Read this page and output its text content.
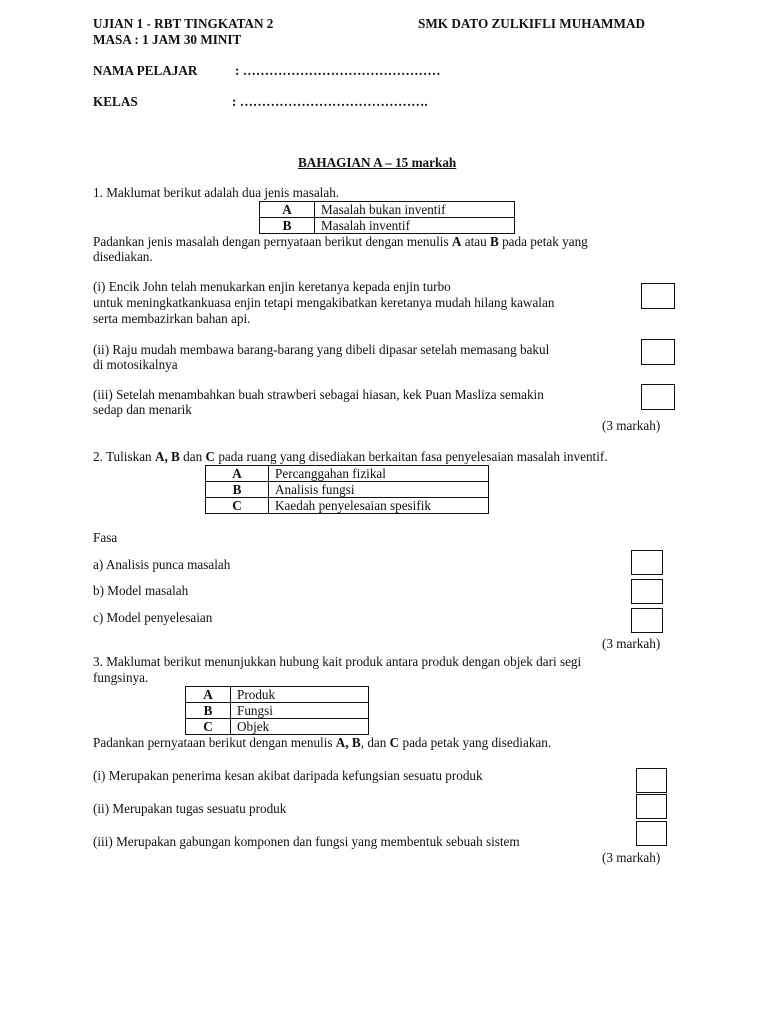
UJIAN 1 - RBT TINGKATAN 2	SMK DATO ZULKIFLI MUHAMMAD
MASA : 1 JAM 30 MINIT
NAMA PELAJAR	: ………………………………………
KELAS	: …………………………………….
BAHAGIAN A – 15 markah
1. Maklumat berikut adalah dua jenis masalah.
A	Masalah bukan inventif
B	Masalah inventif
Padankan jenis masalah dengan pernyataan berikut dengan menulis A atau B pada petak yang
disediakan.
(i) Encik John telah menukarkan enjin keretanya kepada enjin turbo
untuk meningkatkankuasa enjin tetapi mengakibatkan keretanya mudah hilang kawalan
serta membazirkan bahan api.
(ii) Raju mudah membawa barang-barang yang dibeli dipasar setelah memasang bakul
di motosikalnya
(iii) Setelah menambahkan buah strawberi sebagai hiasan, kek Puan Masliza semakin
sedap dan menarik
(3 markah)
2. Tuliskan A, B dan C pada ruang yang disediakan berkaitan fasa penyelesaian masalah inventif.
A	Percanggahan fizikal
B	Analisis fungsi
C	Kaedah penyelesaian spesifik
Fasa
a) Analisis punca masalah
b) Model masalah
c) Model penyelesaian
(3 markah)
3. Maklumat berikut menunjukkan hubung kait produk antara produk dengan objek dari segi
fungsinya.
A	Produk
B	Fungsi
C	Objek
Padankan pernyataan berikut dengan menulis A, B, dan C pada petak yang disediakan.
(i) Merupakan penerima kesan akibat daripada kefungsian sesuatu produk
(ii) Merupakan tugas sesuatu produk
(iii) Merupakan gabungan komponen dan fungsi yang membentuk sebuah sistem
(3 markah)
